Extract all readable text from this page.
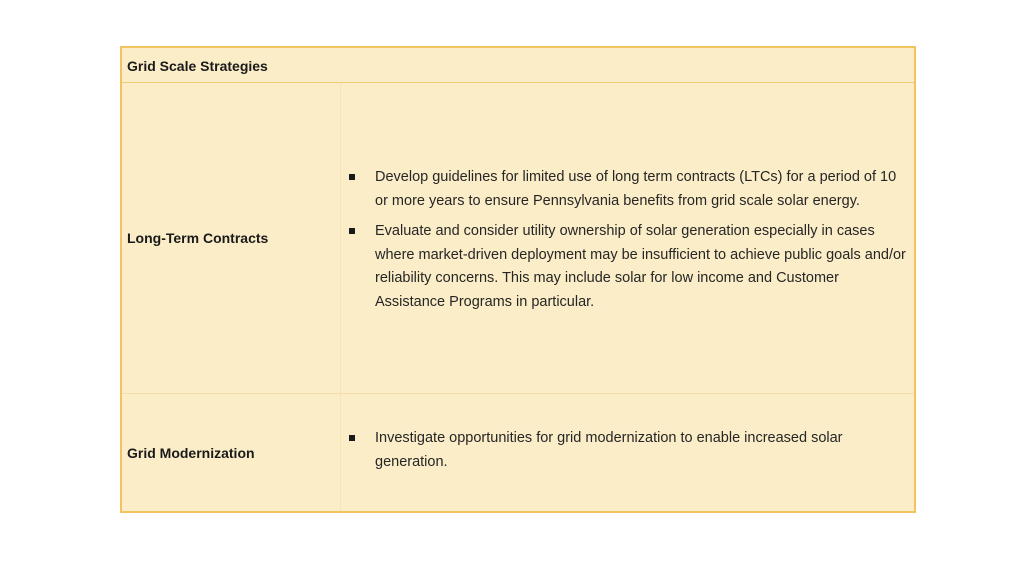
Grid Scale Strategies
Long-Term Contracts
Develop guidelines for limited use of long term contracts (LTCs) for a period of 10 or more years to ensure Pennsylvania benefits from grid scale solar energy.
Evaluate and consider utility ownership of solar generation especially in cases where market-driven deployment may be insufficient to achieve public goals and/or reliability concerns. This may include solar for low income and Customer Assistance Programs in particular.
Grid Modernization
Investigate opportunities for grid modernization to enable increased solar generation.
